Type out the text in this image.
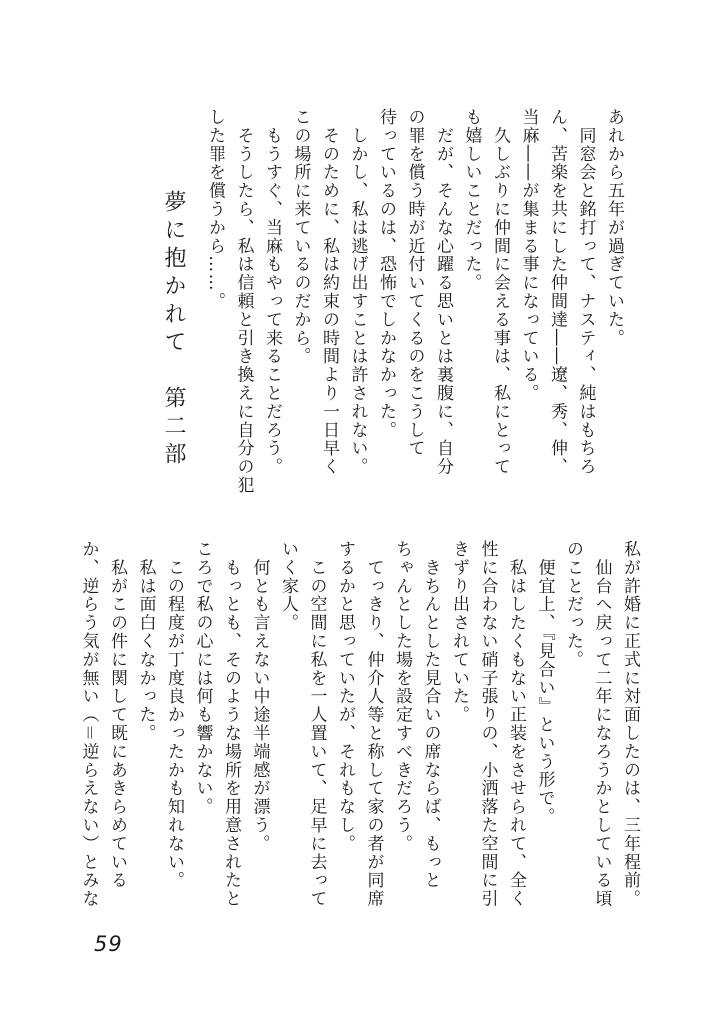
夢に抱かれて　第二部	あれから五年が過ぎていた。
　同窓会と銘打って、ナスティ、純はもちろ
ん、苦楽を共にした仲間達――遼、秀、伸、
当麻――が集まる事になっている。
　久しぶりに仲間に会える事は、私にとって
も嬉しいことだった。
　だが、そんな心躍る思いとは裏腹に、自分
の罪を償う時が近付いてくるのをこうして
待っているのは、恐怖でしかなかった。
　しかし、私は逃げ出すことは許されない。
　そのために、私は約束の時間より一日早く
この場所に来ているのだから。
　もうすぐ、当麻もやって来ることだろう。
　そうしたら、私は信頼と引き換えに自分の犯
した罪を償うから……。
私が許婚に正式に対面したのは、三年程前。
　仙台へ戻って二年になろうかとしている頃
のことだった。
　便宜上、『見合い』という形で。
　私はしたくもない正装をさせられて、全く
性に合わない硝子張りの、小洒落た空間に引
きずり出されていた。
　きちんとした見合いの席ならば、もっと
ちゃんとした場を設定すべきだろう。
　てっきり、仲介人等と称して家の者が同席
するかと思っていたが、それもなし。
　この空間に私を一人置いて、足早に去って
いく家人。
　何とも言えない中途半端感が漂う。
　もっとも、そのような場所を用意されたと
ころで私の心には何も響かない。
　この程度が丁度良かったかも知れない。
　私は面白くなかった。
　私がこの件に関して既にあきらめている
か、逆らう気が無い（＝逆らえない）とみな
59
